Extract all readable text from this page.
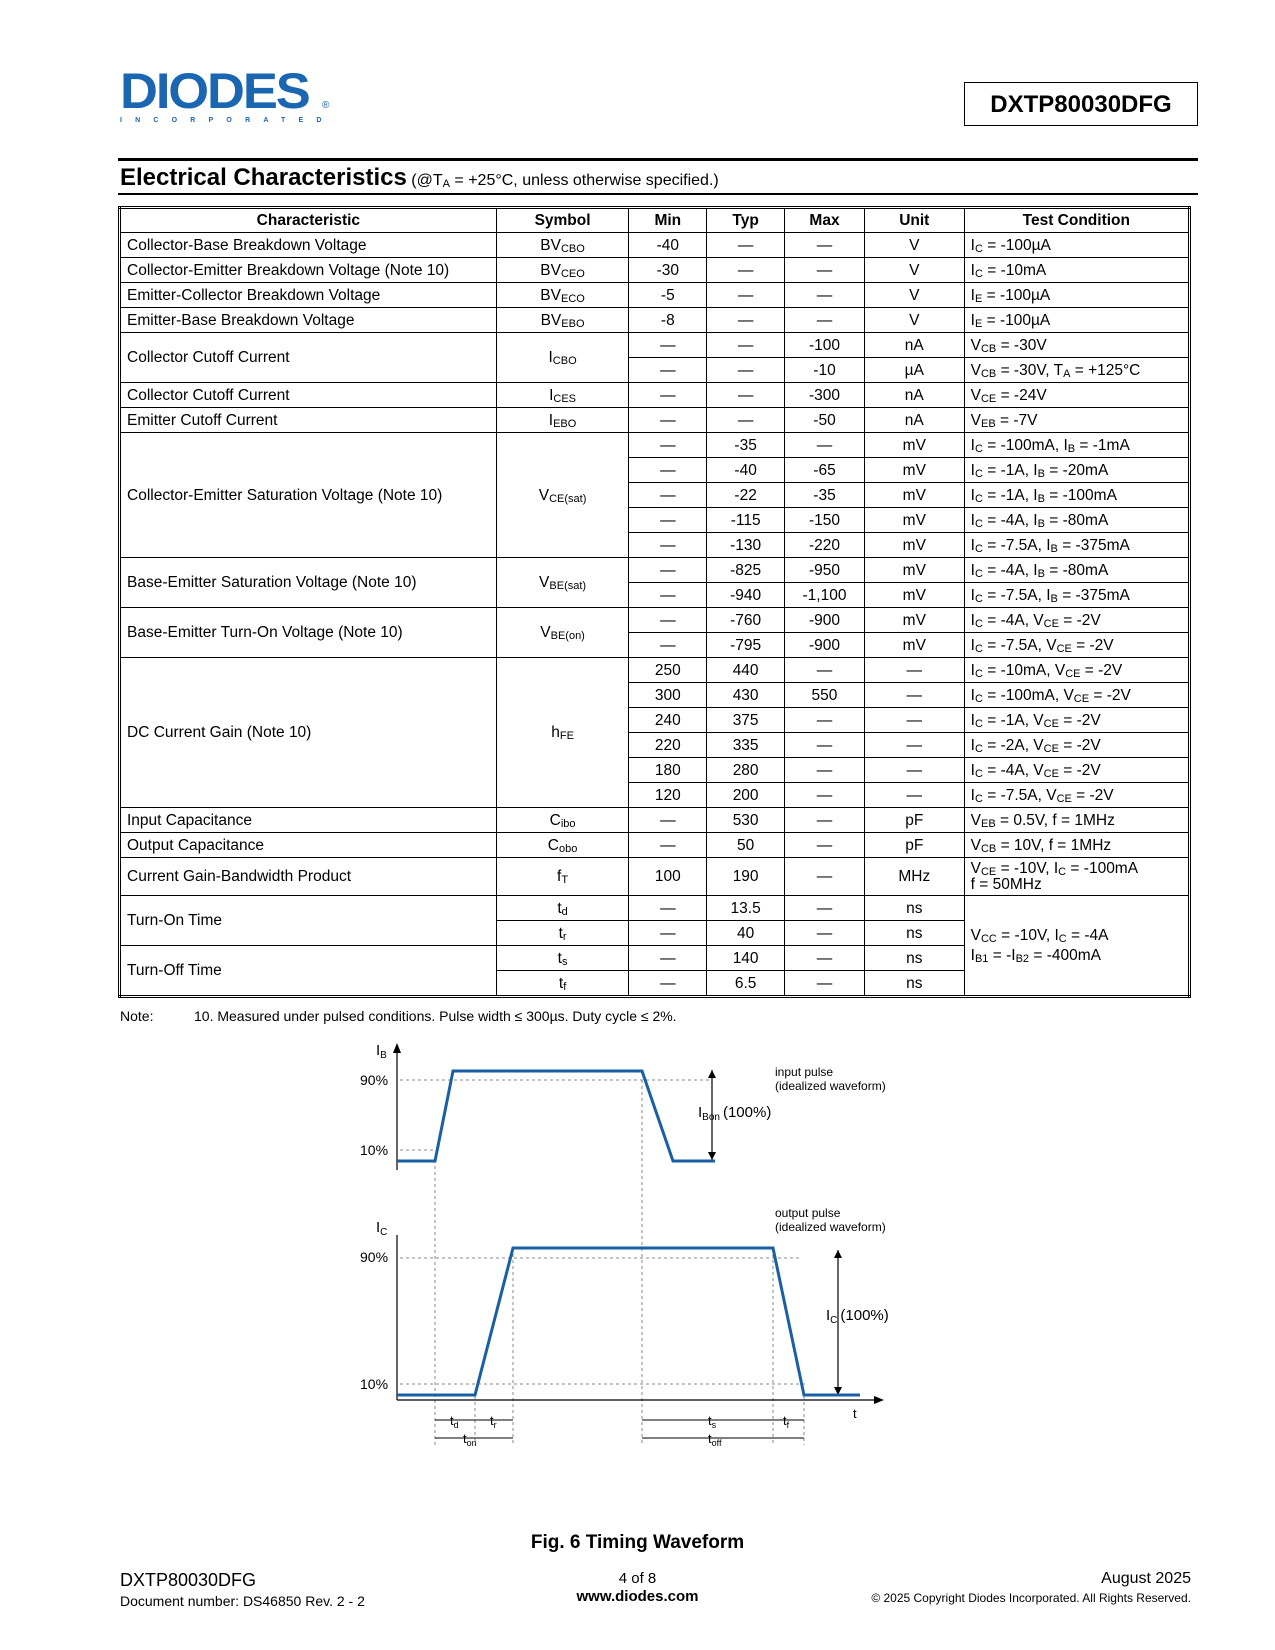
DIODES ®
INCORPORATED
DXTP80030DFG
Electrical Characteristics ($@T_A = +25^\circ C$, unless otherwise specified.)
Characteristic	Symbol	Min	Typ	Max	Unit	Test Condition
Collector-Base Breakdown Voltage	$BV_{CBO}$	-40	—	—	V	$I_C = -100\mu A$
Collector-Emitter Breakdown Voltage (Note 10)	$BV_{CEO}$	-30	—	—	V	$I_C = -10mA$
Emitter-Collector Breakdown Voltage	$BV_{ECO}$	-5	—	—	V	$I_E = -100\mu A$
Emitter-Base Breakdown Voltage	$BV_{EBO}$	-8	—	—	V	$I_E = -100\mu A$
Collector Cutoff Current	$I_{CBO}$	—	—	-100	nA	$V_{CB} = -30V$
		—	—	-10	µA	$V_{CB} = -30V$, $T_A = +125^\circ C$
Collector Cutoff Current	$I_{CES}$	—	—	-300	nA	$V_{CE} = -24V$
Emitter Cutoff Current	$I_{EBO}$	—	—	-50	nA	$V_{EB} = -7V$
Collector-Emitter Saturation Voltage (Note 10)	$V_{CE(sat)}$	—	-35	—	mV	$I_C = -100mA$, $I_B = -1mA$
		—	-40	-65	mV	$I_C = -1A$, $I_B = -20mA$
		—	-22	-35	mV	$I_C = -1A$, $I_B = -100mA$
		—	-115	-150	mV	$I_C = -4A$, $I_B = -80mA$
		—	-130	-220	mV	$I_C = -7.5A$, $I_B = -375mA$
Base-Emitter Saturation Voltage (Note 10)	$V_{BE(sat)}$	—	-825	-950	mV	$I_C = -4A$, $I_B = -80mA$
		—	-940	-1,100	mV	$I_C = -7.5A$, $I_B = -375mA$
Base-Emitter Turn-On Voltage (Note 10)	$V_{BE(on)}$	—	-760	-900	mV	$I_C = -4A$, $V_{CE} = -2V$
		—	-795	-900	mV	$I_C = -7.5A$, $V_{CE} = -2V$
DC Current Gain (Note 10)	$h_{FE}$	250	440	—	—	$I_C = -10mA$, $V_{CE} = -2V$
		300	430	550	—	$I_C = -100mA$, $V_{CE} = -2V$
		240	375	—	—	$I_C = -1A$, $V_{CE} = -2V$
		220	335	—	—	$I_C = -2A$, $V_{CE} = -2V$
		180	280	—	—	$I_C = -4A$, $V_{CE} = -2V$
		120	200	—	—	$I_C = -7.5A$, $V_{CE} = -2V$
Input Capacitance	$C_{ibo}$	—	530	—	pF	$V_{EB} = 0.5V$, f = 1MHz
Output Capacitance	$C_{obo}$	—	50	—	pF	$V_{CB} = 10V$, f = 1MHz
Current Gain-Bandwidth Product	$f_T$	100	190	—	MHz	$V_{CE} = -10V$, $I_C = -100mA$
f = 50MHz
Turn-On Time	$t_d$	—	13.5	—	ns	$V_{CC} = -10V$, $I_C = -4A$
$I_{B1} = -I_{B2} = -400mA$
	$t_r$	—	40	—	ns	
Turn-Off Time	$t_s$	—	140	—	ns	
	$t_f$	—	6.5	—	ns	
Note:	10. Measured under pulsed conditions. Pulse width ≤ 300µs. Duty cycle ≤ 2%.
$I_B$
90%
10%
$I_C$
90%
10%
input pulse
(idealized waveform)
$I_{Bon}$ (100%)
output pulse
(idealized waveform)
$I_C$ (100%)
t
$t_d$ $t_r$	$t_s$	$t_f$
$t_{on}$	$t_{off}$
Fig. 6 Timing Waveform
DXTP80030DFG
Document number: DS46850 Rev. 2 - 2
4 of 8
www.diodes.com
August 2025
© 2025 Copyright Diodes Incorporated. All Rights Reserved.
